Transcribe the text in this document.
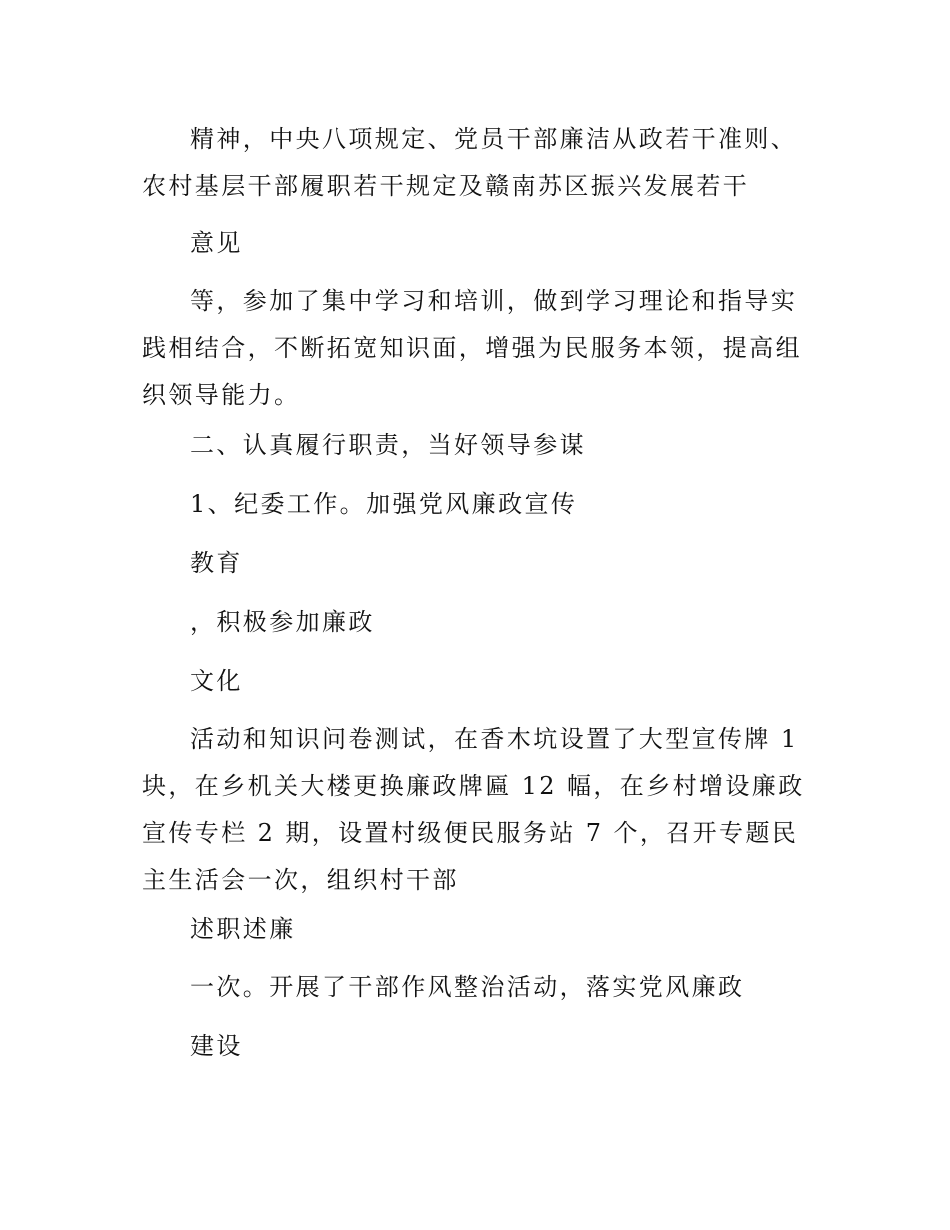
精神，中央八项规定、党员干部廉洁从政若干准则、农村基层干部履职若干规定及赣南苏区振兴发展若干

意见

等，参加了集中学习和培训，做到学习理论和指导实践相结合，不断拓宽知识面，增强为民服务本领，提高组织领导能力。

二、认真履行职责，当好领导参谋

1、纪委工作。加强党风廉政宣传

教育

，积极参加廉政

文化

活动和知识问卷测试，在香木坑设置了大型宣传牌 1 块，在乡机关大楼更换廉政牌匾 12 幅，在乡村增设廉政宣传专栏 2 期，设置村级便民服务站 7 个，召开专题民主生活会一次，组织村干部

述职述廉

一次。开展了干部作风整治活动，落实党风廉政

建设
